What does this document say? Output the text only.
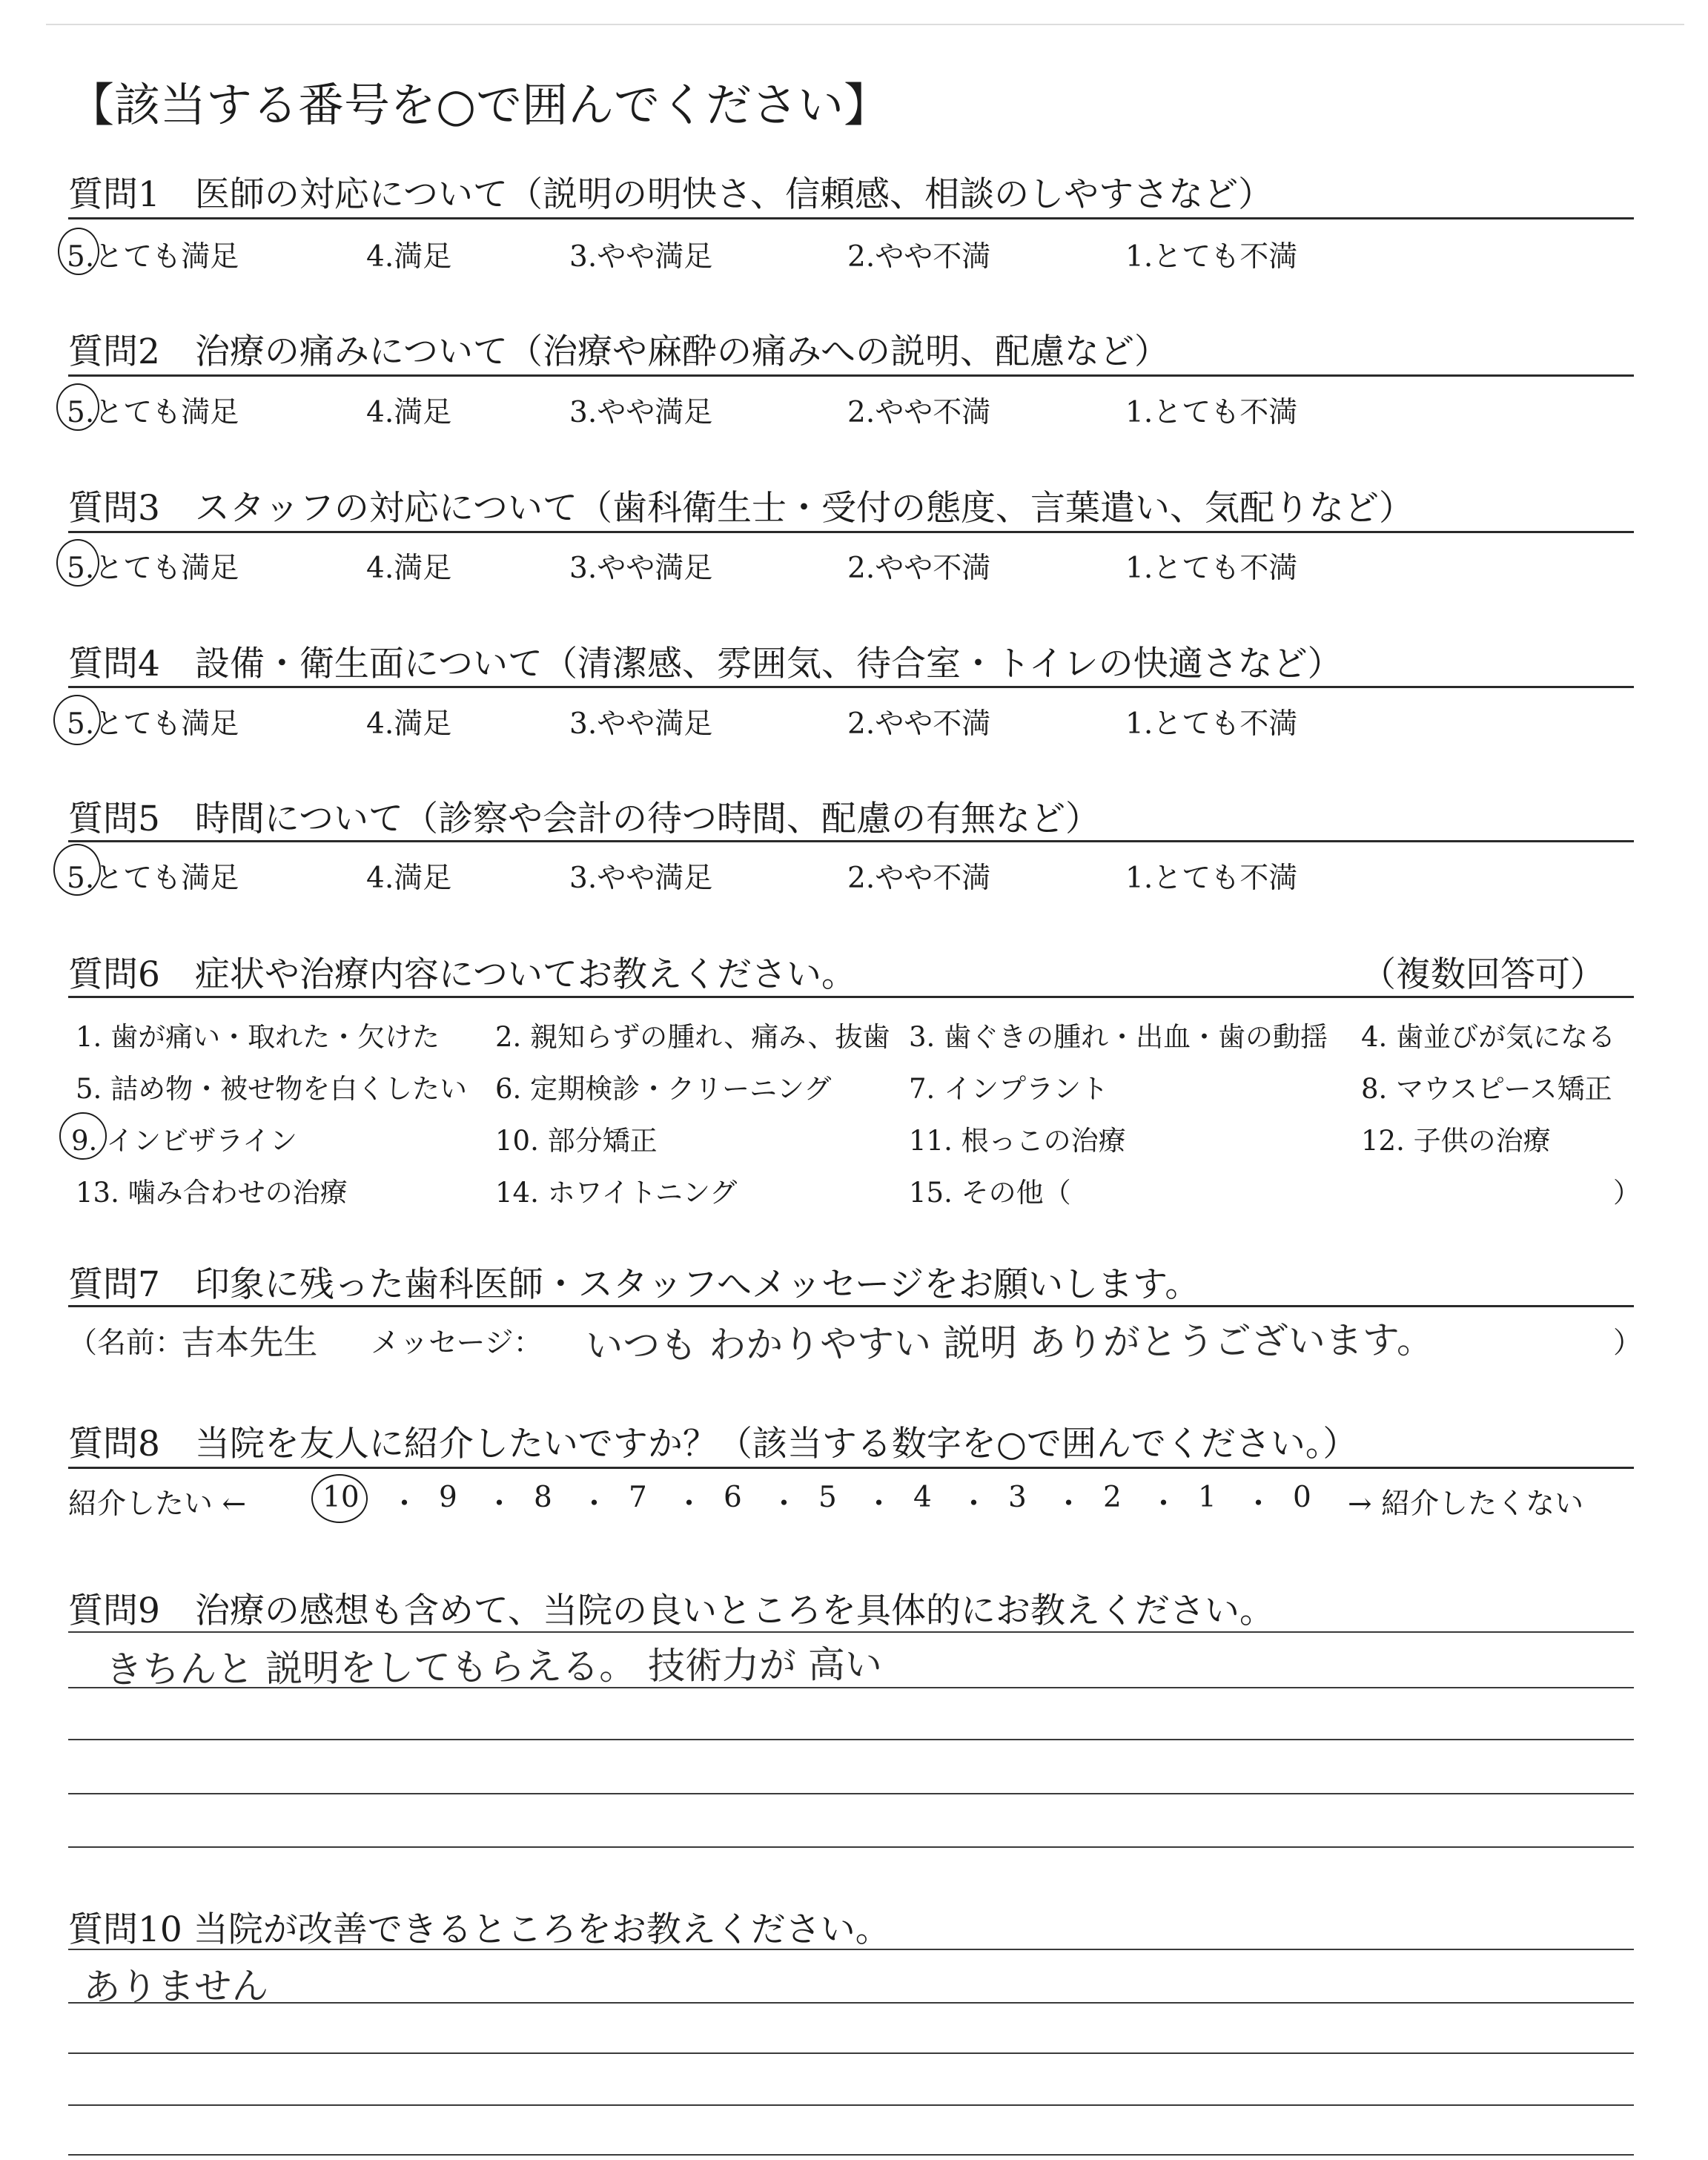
【該当する番号を○で囲んでください】
質問1　医師の対応について（説明の明快さ、信頼感、相談のしやすさなど）
5.とても満足	4.満足	3.やや満足	2.やや不満	1.とても不満
質問2　治療の痛みについて（治療や麻酔の痛みへの説明、配慮など）
5.とても満足	4.満足	3.やや満足	2.やや不満	1.とても不満
質問3　スタッフの対応について（歯科衛生士・受付の態度、言葉遣い、気配りなど）
5.とても満足	4.満足	3.やや満足	2.やや不満	1.とても不満
質問4　設備・衛生面について（清潔感、雰囲気、待合室・トイレの快適さなど）
5.とても満足	4.満足	3.やや満足	2.やや不満	1.とても不満
質問5　時間について（診察や会計の待つ時間、配慮の有無など）
5.とても満足	4.満足	3.やや満足	2.やや不満	1.とても不満
質問6　症状や治療内容についてお教えください。	（複数回答可）
1. 歯が痛い・取れた・欠けた 2. 親知らずの腫れ、痛み、抜歯 3. 歯ぐきの腫れ・出血・歯の動揺 4. 歯並びが気になる
5. 詰め物・被せ物を白くしたい 6. 定期検診・クリーニング	7. インプラント	8. マウスピース矯正
9. インビザライン	10. 部分矯正	11. 根っこの治療	12. 子供の治療
13. 噛み合わせの治療	14. ホワイトニング	15. その他（	）
質問7　印象に残った歯科医師・スタッフへメッセージをお願いします。
（名前：
吉本先生 メッセージ： いつも わかりやすい 説明 ありがとうございます。	）
質問8　当院を友人に紹介したいですか？（該当する数字を○で囲んでください。）
紹介したい ←	10 ・ 9 ・ 8 ・ 7 ・ 6 ・ 5 ・ 4 ・ 3 ・ 2 ・ 1 ・ 0 → 紹介したくない
質問9　治療の感想も含めて、当院の良いところを具体的にお教えください。
きちんと 説明をしてもらえる。 技術力が 高い
質問10 当院が改善できるところをお教えください。
ありません
